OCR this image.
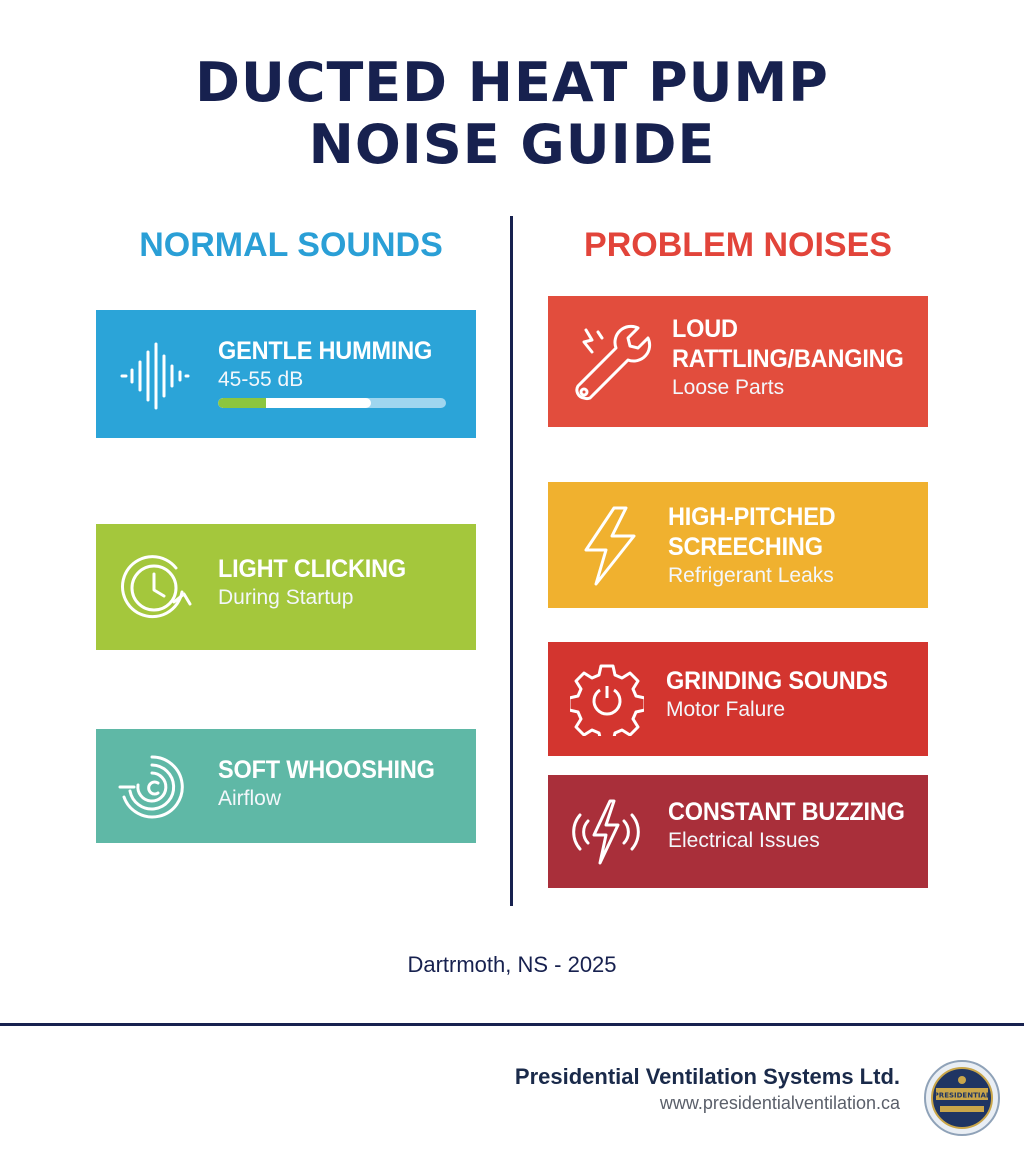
DUCTED HEAT PUMP
NOISE GUIDE
NORMAL SOUNDS	PROBLEM NOISES
GENTLE HUMMING
45-55 dB
LIGHT CLICKING
During Startup
SOFT WHOOSHING
Airflow
LOUD
RATTLING/BANGING
Loose Parts
HIGH-PITCHED
SCREECHING
Refrigerant Leaks
GRINDING SOUNDS
Motor Falure
CONSTANT BUZZING
Electrical Issues
Dartrmoth, NS - 2025
Presidential Ventilation Systems Ltd.
www.presidentialventilation.ca	PRESIDENTIAL
